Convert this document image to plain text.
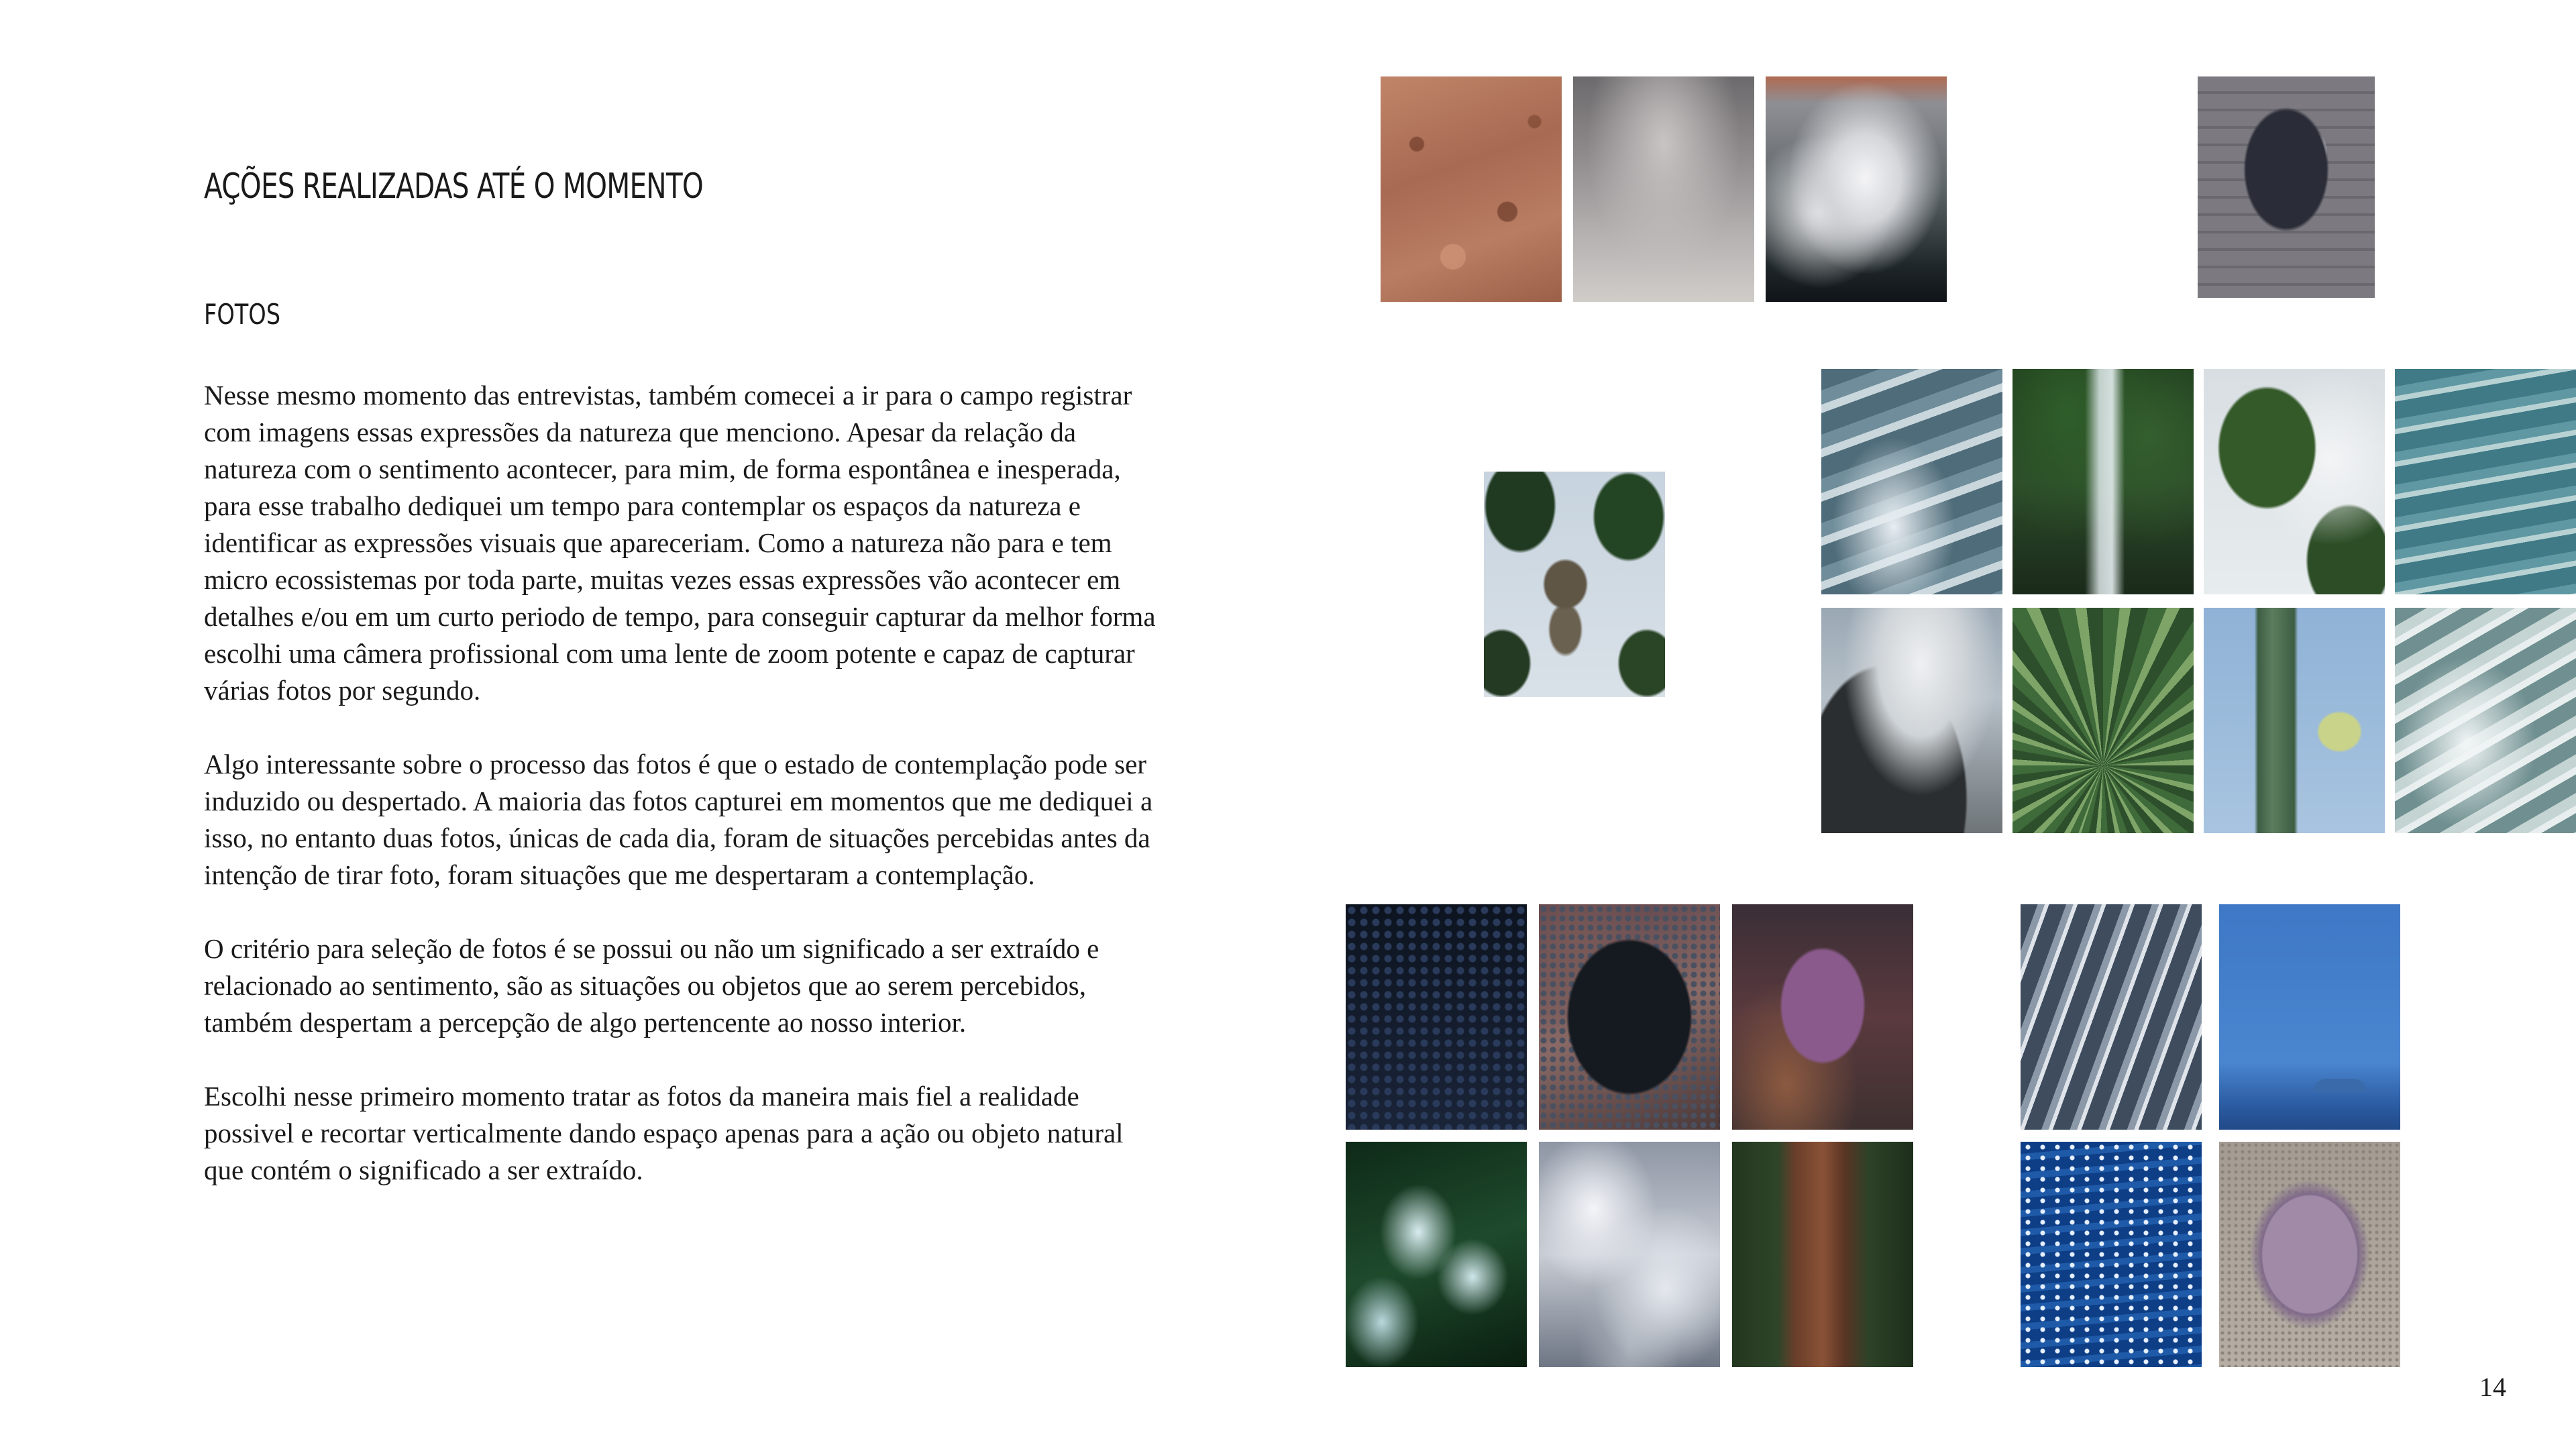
AÇÕES REALIZADAS ATÉ O MOMENTO
FOTOS

Nesse mesmo momento das entrevistas, também comecei a ir para o campo registrar com imagens essas expressões da natureza que menciono. Apesar da relação da natureza com o sentimento acontecer, para mim, de forma espontânea e inesperada, para esse trabalho dediquei um tempo para contemplar os espaços da natureza e identificar as expressões visuais que apareceriam. Como a natureza não para e tem micro ecossistemas por toda parte, muitas vezes essas expressões vão acontecer em detalhes e/ou em um curto periodo de tempo, para conseguir capturar da melhor forma escolhi uma câmera profissional com uma lente de zoom potente e capaz de capturar várias fotos por segundo.

Algo interessante sobre o processo das fotos é que o estado de contemplação pode ser induzido ou despertado. A maioria das fotos capturei em momentos que me dediquei a isso, no entanto duas fotos, únicas de cada dia, foram de situações percebidas antes da intenção de tirar foto, foram situações que me despertaram a contemplação.

O critério para seleção de fotos é se possui ou não um significado a ser extraído e relacionado ao sentimento, são as situações ou objetos que ao serem percebidos, também despertam a percepção de algo pertencente ao nosso interior.

Escolhi nesse primeiro momento tratar as fotos da maneira mais fiel a realidade possivel e recortar verticalmente dando espaço apenas para a ação ou objeto natural que contém o significado a ser extraído.

14
